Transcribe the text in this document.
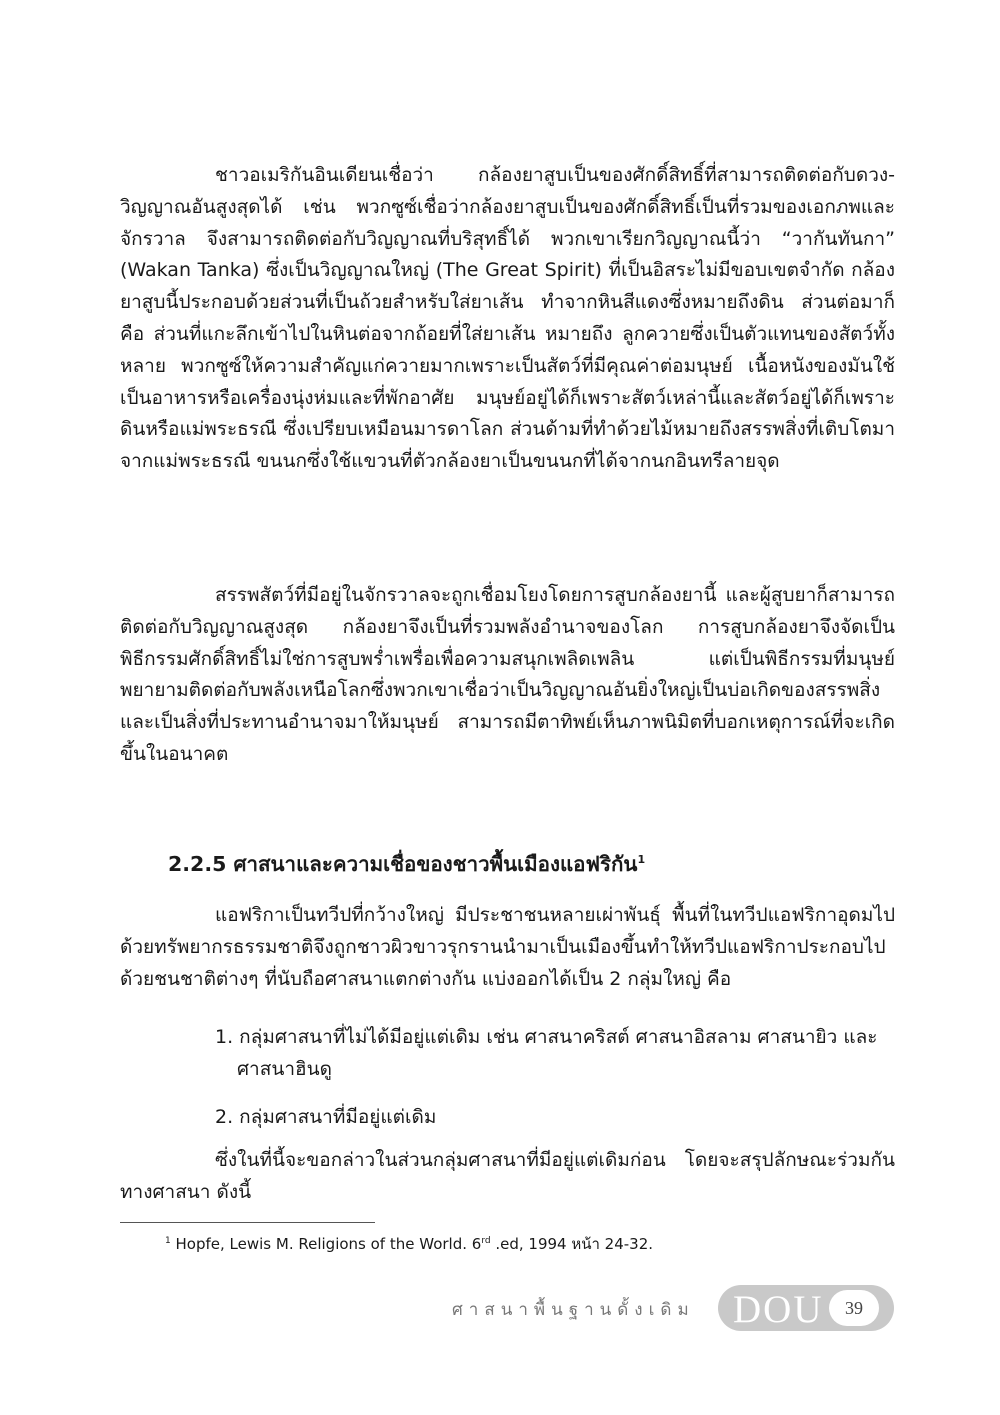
ชาวอเมริกันอินเดียนเชื่อว่า กล้องยาสูบเป็นของศักดิ์สิทธิ์ที่สามารถติดต่อกับดวง-วิญญาณอันสูงสุดได้ เช่น พวกซูซ์เชื่อว่ากล้องยาสูบเป็นของศักดิ์สิทธิ์เป็นที่รวมของเอกภพและจักรวาล จึงสามารถติดต่อกับวิญญาณที่บริสุทธิ์ได้ พวกเขาเรียกวิญญาณนี้ว่า “วากันทันกา” (Wakan Tanka) ซึ่งเป็นวิญญาณใหญ่ (The Great Spirit) ที่เป็นอิสระไม่มีขอบเขตจำกัด กล้องยาสูบนี้ประกอบด้วยส่วนที่เป็นถ้วยสำหรับใส่ยาเส้น ทำจากหินสีแดงซึ่งหมายถึงดิน ส่วนต่อมาก็คือ ส่วนที่แกะลึกเข้าไปในหินต่อจากถ้อยที่ใส่ยาเส้น หมายถึง ลูกควายซึ่งเป็นตัวแทนของสัตว์ทั้งหลาย พวกซูซ์ให้ความสำคัญแก่ควายมากเพราะเป็นสัตว์ที่มีคุณค่าต่อมนุษย์ เนื้อหนังของมันใช้เป็นอาหารหรือเครื่องนุ่งห่มและที่พักอาศัย มนุษย์อยู่ได้ก็เพราะสัตว์เหล่านี้และสัตว์อยู่ได้ก็เพราะดินหรือแม่พระธรณี ซึ่งเปรียบเหมือนมารดาโลก ส่วนด้ามที่ทำด้วยไม้หมายถึงสรรพสิ่งที่เติบโตมาจากแม่พระธรณี ขนนกซึ่งใช้แขวนที่ตัวกล้องยาเป็นขนนกที่ได้จากนกอินทรีลายจุด

สรรพสัตว์ที่มีอยู่ในจักรวาลจะถูกเชื่อมโยงโดยการสูบกล้องยานี้ และผู้สูบยาก็สามารถติดต่อกับวิญญาณสูงสุด กล้องยาจึงเป็นที่รวมพลังอำนาจของโลก การสูบกล้องยาจึงจัดเป็นพิธีกรรมศักดิ์สิทธิ์ไม่ใช่การสูบพร่ำเพรื่อเพื่อความสนุกเพลิดเพลิน แต่เป็นพิธีกรรมที่มนุษย์พยายามติดต่อกับพลังเหนือโลกซึ่งพวกเขาเชื่อว่าเป็นวิญญาณอันยิ่งใหญ่เป็นบ่อเกิดของสรรพสิ่งและเป็นสิ่งที่ประทานอำนาจมาให้มนุษย์ สามารถมีตาทิพย์เห็นภาพนิมิตที่บอกเหตุการณ์ที่จะเกิดขึ้นในอนาคต

2.2.5 ศาสนาและความเชื่อของชาวพื้นเมืองแอฟริกัน$^1$

แอฟริกาเป็นทวีปที่กว้างใหญ่ มีประชาชนหลายเผ่าพันธุ์ พื้นที่ในทวีปแอฟริกาอุดมไปด้วยทรัพยากรธรรมชาติจึงถูกชาวผิวขาวรุกรานนำมาเป็นเมืองขึ้นทำให้ทวีปแอฟริกาประกอบไปด้วยชนชาติต่างๆ ที่นับถือศาสนาแตกต่างกัน แบ่งออกได้เป็น 2 กลุ่มใหญ่ คือ

1. กลุ่มศาสนาที่ไม่ได้มีอยู่แต่เดิม เช่น ศาสนาคริสต์ ศาสนาอิสลาม ศาสนายิว และศาสนาฮินดู
2. กลุ่มศาสนาที่มีอยู่แต่เดิม

ซึ่งในที่นี้จะขอกล่าวในส่วนกลุ่มศาสนาที่มีอยู่แต่เดิมก่อน โดยจะสรุปลักษณะร่วมกันทางศาสนา ดังนี้

$^1$ Hopfe, Lewis M. Religions of the World. 6rd .ed, 1994 หน้า 24-32.
ศาสนาพื้นฐานดั้งเดิม DOU	39
